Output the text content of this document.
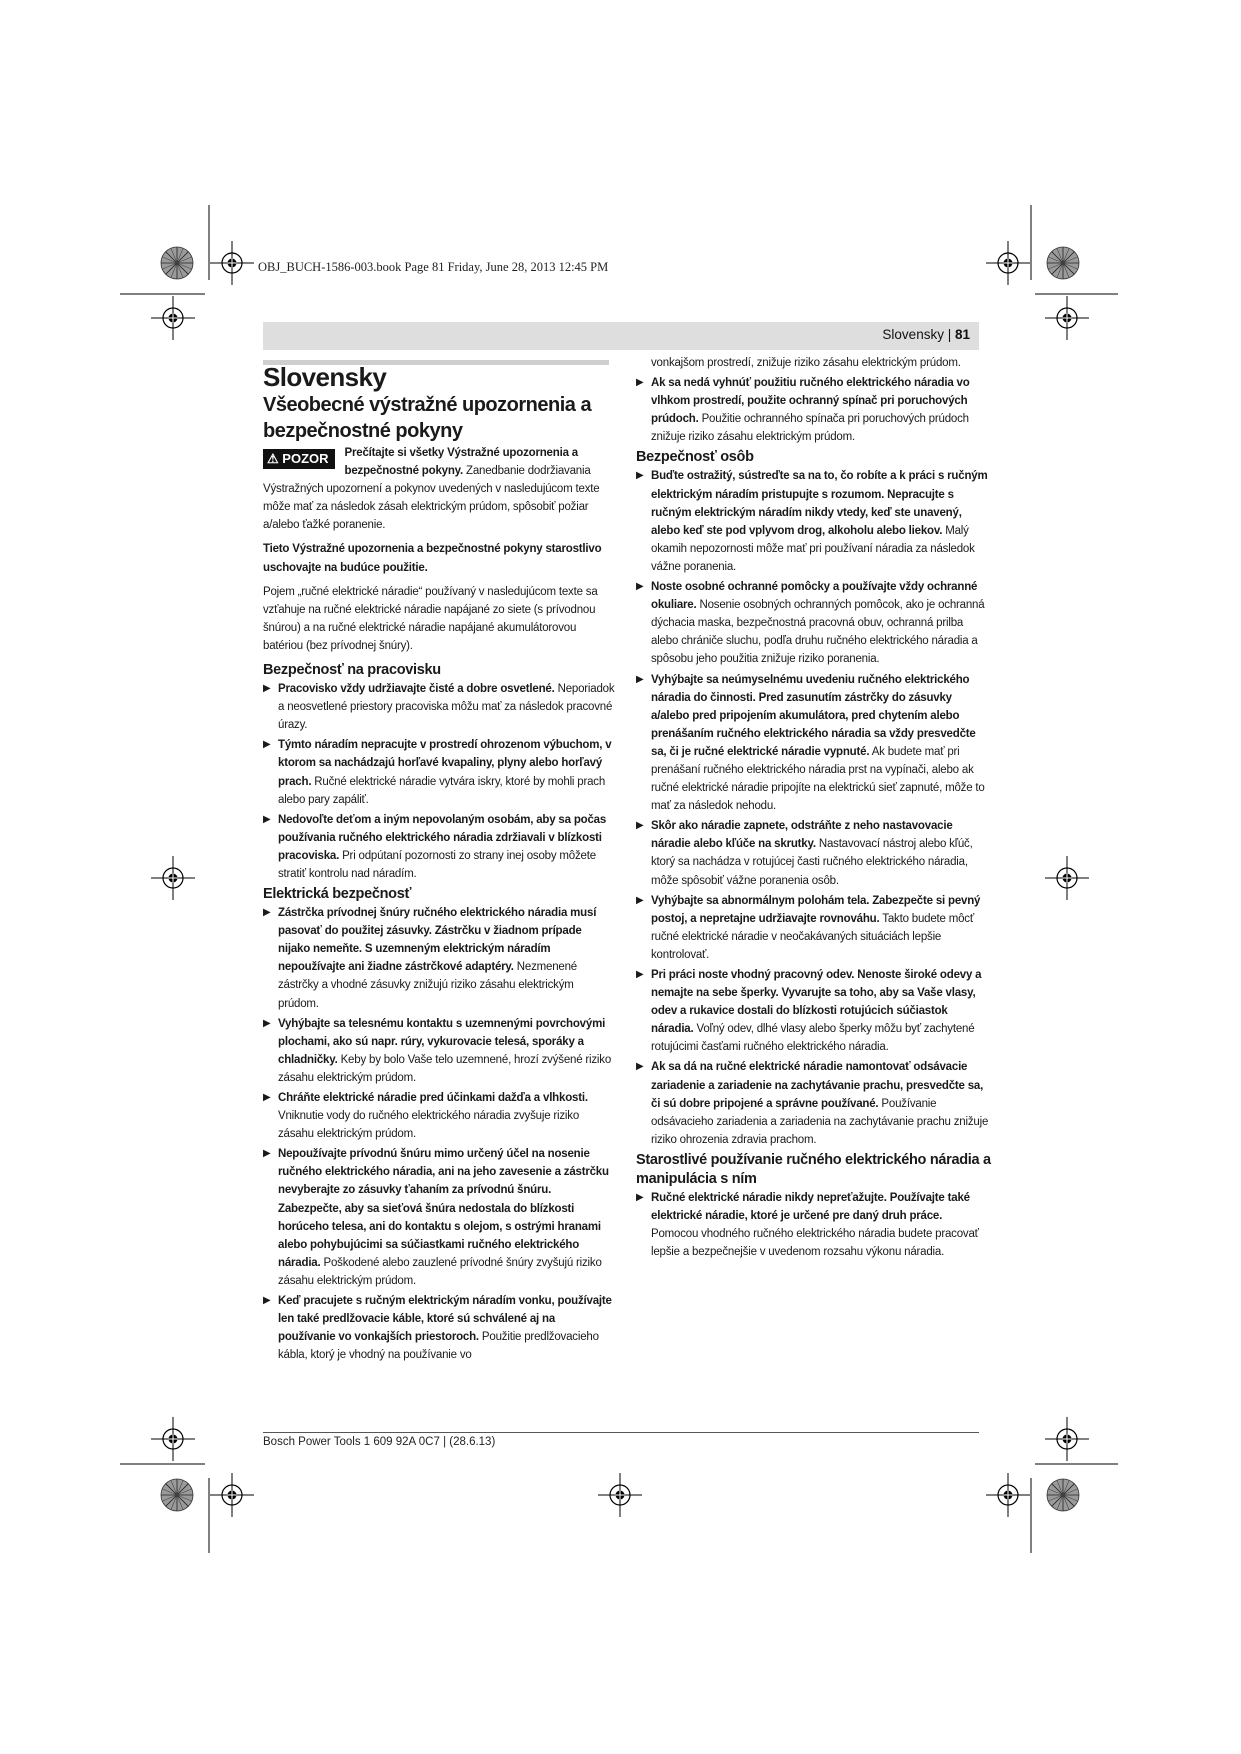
OBJ_BUCH-1586-003.book Page 81 Friday, June 28, 2013 12:45 PM
Slovensky | 81

Slovensky

Všeobecné výstražné upozornenia a bezpečnostné pokyny

⚠ POZOR	Prečítajte si všetky Výstražné upozornenia a bezpečnostné pokyny. Zanedbanie dodržiavania Výstražných upozornení a pokynov uvedených v nasledujúcom texte môže mať za následok zásah elektrickým prúdom, spôsobiť požiar a/alebo ťažké poranenie.

Tieto Výstražné upozornenia a bezpečnostné pokyny starostlivo uschovajte na budúce použitie.

Pojem „ručné elektrické náradie“ používaný v nasledujúcom texte sa vzťahuje na ručné elektrické náradie napájané zo siete (s prívodnou šnúrou) a na ručné elektrické náradie napájané akumulátorovou batériou (bez prívodnej šnúry).

Bezpečnosť na pracovisku

▶ Pracovisko vždy udržiavajte čisté a dobre osvetlené. Neporiadok a neosvetlené priestory pracoviska môžu mať za následok pracovné úrazy.

▶ Týmto náradím nepracujte v prostredí ohrozenom výbuchom, v ktorom sa nachádzajú horľavé kvapaliny, plyny alebo horľavý prach. Ručné elektrické náradie vytvára iskry, ktoré by mohli prach alebo pary zapáliť.

▶ Nedovoľte deťom a iným nepovolaným osobám, aby sa počas používania ručného elektrického náradia zdržiavali v blízkosti pracoviska. Pri odpútaní pozornosti zo strany inej osoby môžete stratiť kontrolu nad náradím.

Elektrická bezpečnosť

▶ Zástrčka prívodnej šnúry ručného elektrického náradia musí pasovať do použitej zásuvky. Zástrčku v žiadnom prípade nijako nemeňte. S uzemneným elektrickým náradím nepoužívajte ani žiadne zástrčkové adaptéry. Nezmenené zástrčky a vhodné zásuvky znižujú riziko zásahu elektrickým prúdom.

▶ Vyhýbajte sa telesnému kontaktu s uzemnenými povrchovými plochami, ako sú napr. rúry, vykurovacie telesá, sporáky a chladničky. Keby by bolo Vaše telo uzemnené, hrozí zvýšené riziko zásahu elektrickým prúdom.

▶ Chráňte elektrické náradie pred účinkami dažďa a vlhkosti. Vniknutie vody do ručného elektrického náradia zvyšuje riziko zásahu elektrickým prúdom.

▶ Nepoužívajte prívodnú šnúru mimo určený účel na nosenie ručného elektrického náradia, ani na jeho zavesenie a zástrčku nevyberajte zo zásuvky ťahaním za prívodnú šnúru. Zabezpečte, aby sa sieťová šnúra nedostala do blízkosti horúceho telesa, ani do kontaktu s olejom, s ostrými hranami alebo pohybujúcimi sa súčiastkami ručného elektrického náradia. Poškodené alebo zauzlené prívodné šnúry zvyšujú riziko zásahu elektrickým prúdom.

▶ Keď pracujete s ručným elektrickým náradím vonku, používajte len také predlžovacie káble, ktoré sú schválené aj na používanie vo vonkajších priestoroch. Použitie predlžovacieho kábla, ktorý je vhodný na používanie vo

vonkajšom prostredí, znižuje riziko zásahu elektrickým prúdom.

▶ Ak sa nedá vyhnúť použitiu ručného elektrického náradia vo vlhkom prostredí, použite ochranný spínač pri poruchových prúdoch. Použitie ochranného spínača pri poruchových prúdoch znižuje riziko zásahu elektrickým prúdom.

Bezpečnosť osôb

▶ Buďte ostražitý, sústreďte sa na to, čo robíte a k práci s ručným elektrickým náradím pristupujte s rozumom. Nepracujte s ručným elektrickým náradím nikdy vtedy, keď ste unavený, alebo keď ste pod vplyvom drog, alkoholu alebo liekov. Malý okamih nepozornosti môže mať pri používaní náradia za následok vážne poranenia.

▶ Noste osobné ochranné pomôcky a používajte vždy ochranné okuliare. Nosenie osobných ochranných pomôcok, ako je ochranná dýchacia maska, bezpečnostná pracovná obuv, ochranná prilba alebo chrániče sluchu, podľa druhu ručného elektrického náradia a spôsobu jeho použitia znižuje riziko poranenia.

▶ Vyhýbajte sa neúmyselnému uvedeniu ručného elektrického náradia do činnosti. Pred zasunutím zástrčky do zásuvky a/alebo pred pripojením akumulátora, pred chytením alebo prenášaním ručného elektrického náradia sa vždy presvedčte sa, či je ručné elektrické náradie vypnuté. Ak budete mať pri prenášaní ručného elektrického náradia prst na vypínači, alebo ak ručné elektrické náradie pripojíte na elektrickú sieť zapnuté, môže to mať za následok nehodu.

▶ Skôr ako náradie zapnete, odstráňte z neho nastavovacie náradie alebo kľúče na skrutky. Nastavovací nástroj alebo kľúč, ktorý sa nachádza v rotujúcej časti ručného elektrického náradia, môže spôsobiť vážne poranenia osôb.

▶ Vyhýbajte sa abnormálnym polohám tela. Zabezpečte si pevný postoj, a nepretajne udržiavajte rovnováhu. Takto budete môcť ručné elektrické náradie v neočakávaných situáciách lepšie kontrolovať.

▶ Pri práci noste vhodný pracovný odev. Nenoste široké odevy a nemajte na sebe šperky. Vyvarujte sa toho, aby sa Vaše vlasy, odev a rukavice dostali do blízkosti rotujúcich súčiastok náradia. Voľný odev, dlhé vlasy alebo šperky môžu byť zachytené rotujúcimi časťami ručného elektrického náradia.

▶ Ak sa dá na ručné elektrické náradie namontovať odsávacie zariadenie a zariadenie na zachytávanie prachu, presvedčte sa, či sú dobre pripojené a správne používané. Používanie odsávacieho zariadenia a zariadenia na zachytávanie prachu znižuje riziko ohrozenia zdravia prachom.

Starostlivé používanie ručného elektrického náradia a manipulácia s ním

▶ Ručné elektrické náradie nikdy nepreťažujte. Používajte také elektrické náradie, ktoré je určené pre daný druh práce. Pomocou vhodného ručného elektrického náradia budete pracovať lepšie a bezpečnejšie v uvedenom rozsahu výkonu náradia.

Bosch Power Tools 1 609 92A 0C7 | (28.6.13)
